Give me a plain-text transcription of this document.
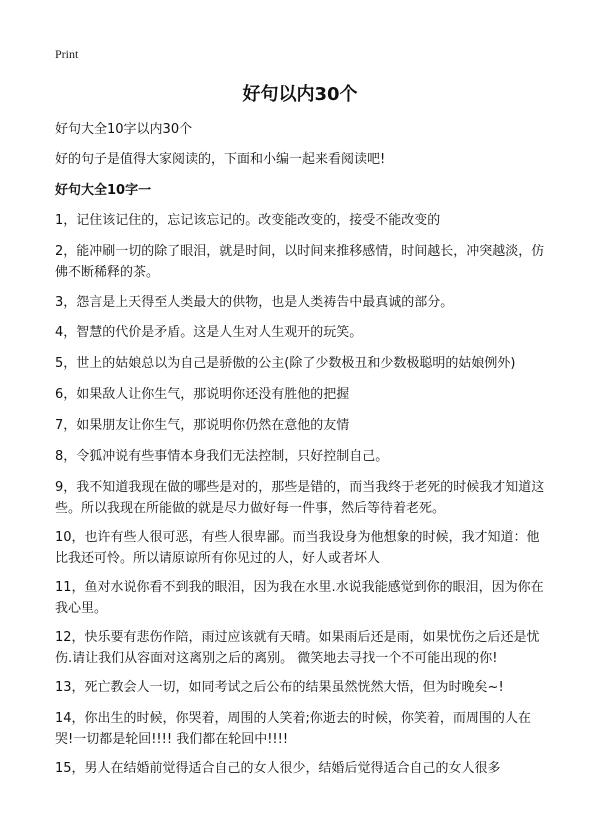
Print
好句以内30个

好句大全10字以内30个

好的句子是值得大家阅读的，下面和小编一起来看阅读吧!

好句大全10字一

1，记住该记住的，忘记该忘记的。改变能改变的，接受不能改变的

2，能冲刷一切的除了眼泪，就是时间，以时间来推移感情，时间越长，冲突越淡，仿佛不断稀释的茶。

3，怨言是上天得至人类最大的供物，也是人类祷告中最真诚的部分。

4，智慧的代价是矛盾。这是人生对人生观开的玩笑。

5，世上的姑娘总以为自己是骄傲的公主(除了少数极丑和少数极聪明的姑娘例外)

6，如果敌人让你生气，那说明你还没有胜他的把握

7，如果朋友让你生气，那说明你仍然在意他的友情

8，令狐冲说有些事情本身我们无法控制，只好控制自己。

9，我不知道我现在做的哪些是对的，那些是错的，而当我终于老死的时候我才知道这些。所以我现在所能做的就是尽力做好每一件事，然后等待着老死。

10，也许有些人很可恶，有些人很卑鄙。而当我设身为他想象的时候，我才知道：他比我还可怜。所以请原谅所有你见过的人，好人或者坏人

11，鱼对水说你看不到我的眼泪，因为我在水里.水说我能感觉到你的眼泪，因为你在我心里。

12，快乐要有悲伤作陪，雨过应该就有天晴。如果雨后还是雨，如果忧伤之后还是忧伤.请让我们从容面对这离别之后的离别。 微笑地去寻找一个不可能出现的你!

13，死亡教会人一切，如同考试之后公布的结果虽然恍然大悟，但为时晚矣~!

14，你出生的时候，你哭着，周围的人笑着;你逝去的时候，你笑着，而周围的人在哭!一切都是轮回!!!! 我们都在轮回中!!!!

15，男人在结婚前觉得适合自己的女人很少，结婚后觉得适合自己的女人很多
